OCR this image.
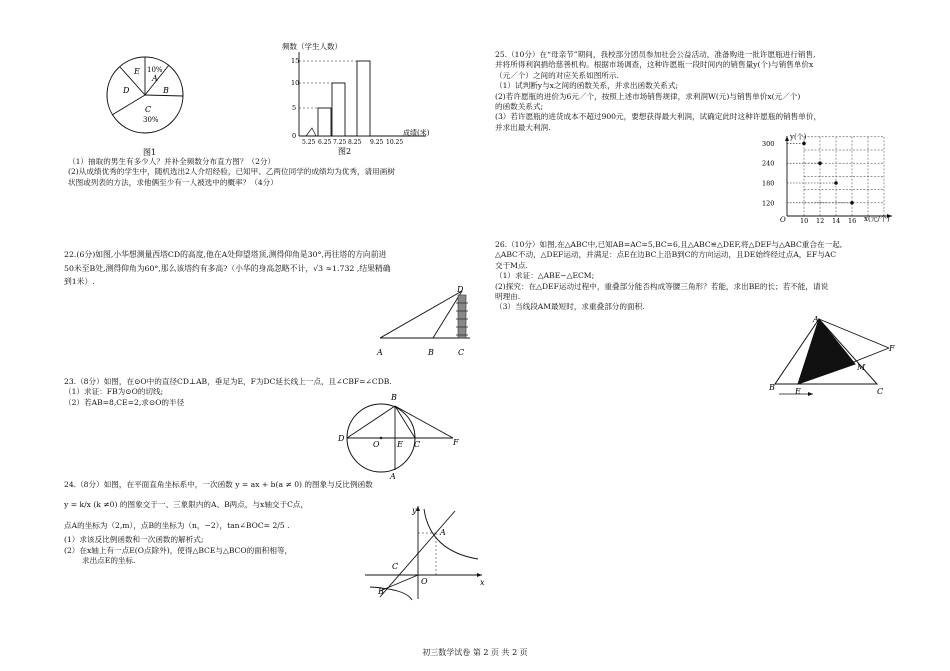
E 10%
A
D	B
C
30%
图1
频数（学生人数）
15
10
5
0
5.25 6.25 7.25 8.25 9.25 10.25
成绩(米)
图2

（1）抽取的男生有多少人？并补全频数分布直方图？（2分）

(2)从成绩优秀的学生中，随机选出2人介绍经验，已知甲、乙两位同学的成绩均为优秀，请用画树

状图或列表的方法，求他俩至少有一人被选中的概率？（4分）

22.(6分)如图,小华想测量西塔CD的高度,他在A处仰望塔顶,测得仰角是30°,再往塔的方向前进

50米至B处,测得仰角为60°,那么该塔约有多高?（小华的身高忽略不计，√3 ≈1.732 ,结果精确

到1米）.

D
A	B	C

23.（8分）如图，在⊙O中的直径CD⊥AB，垂足为E，F为DC延长线上一点，且∠CBF=∠CDB.

（1）求证：FB为⊙O的切线;

（2）若AB=8,CE=2,求⊙O的半径

B
D
O E C	F
A

24.（8分）如图，在平面直角坐标系中，一次函数 y = ax + b(a ≠ 0) 的图象与反比例函数

y = k/x (k ≠0) 的图象交于一、三象限内的A、B两点，与x轴交于C点，

点A的坐标为（2,m），点B的坐标为（n，−2），tan∠BOC= 2/5 .

(1）求该反比例函数和一次函数的解析式;

(2）在x轴上有一点E(O点除外)，使得△BCE与△BCO的面积相等，

求出点E的坐标.

y
A
C
O	x
B

25.（10分）在“母亲节”期间，我校部分团员参加社会公益活动，准备购进一批许愿瓶进行销售,

并将所得利润捐给慈善机构。根据市场调查，这种许愿瓶一段时间内的销售量y(个)与销售单价x

（元／个）之间的对应关系如图所示.

（1）试判断y与x之间的函数关系，并求出函数关系式;

(2)若许愿瓶的进价为6元／个，按照上述市场销售规律，求利润W(元)与销售单价x(元／个)

的函数关系式;

(3）若许愿瓶的进货成本不超过900元，要想获得最大利润，试确定此时这种许愿瓶的销售单价，

并求出最大利润.

300
240
180
120
10 12 14 16
y(个)
x(元/个)
O

26.（10分）如图,在△ABC中,已知AB=AC=5,BC=6,且△ABC≌△DEF,将△DEF与△ABC重合在一起,

△ABC不动，△DEF运动，并满足：点E在边BC上沿B到C的方向运动，且DE始终经过点A，EF与AC

交于M点.

（1）求证：△ABE∽△ECM;

(2)探究：在△DEF运动过程中，重叠部分能否构成等腰三角形？若能，求出BE的长；若不能，请说

明理由.

（3）当线段AM最短时，求重叠部分的面积.

A
F
M
B	E	C
初三数学试卷 第 2 页 共 2 页
